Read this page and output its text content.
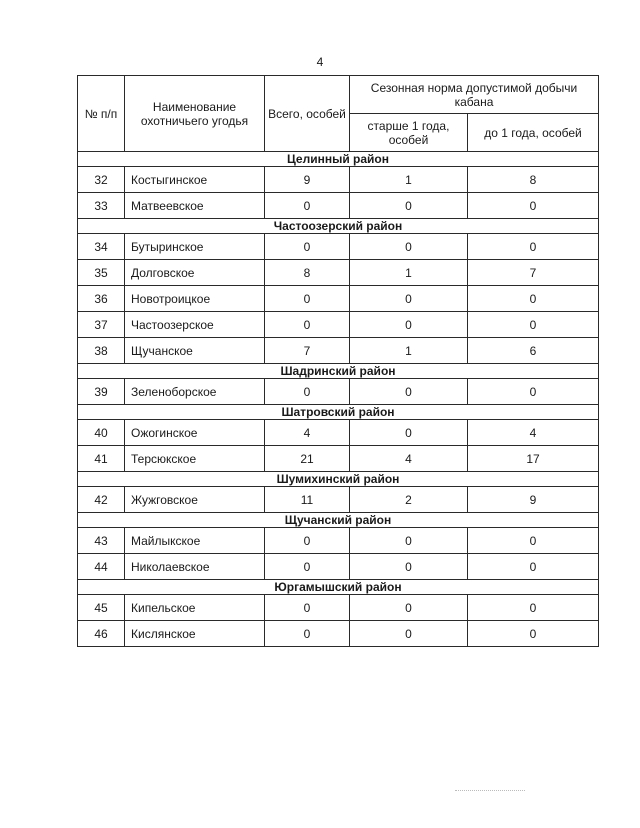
4
№ п/п	Наименование охотничьего угодья	Всего, особей	Сезонная норма допустимой добычи кабана	
			старше 1 года, особей	до 1 года, особей
Целинный район				
32	Костыгинское	9	1	8
33	Матвеевское	0	0	0
Частоозерский район				
34	Бутыринское	0	0	0
35	Долговское	8	1	7
36	Новотроицкое	0	0	0
37	Частоозерское	0	0	0
38	Щучанское	7	1	6
Шадринский район				
39	Зеленоборское	0	0	0
Шатровский район				
40	Ожогинское	4	0	4
41	Терсюкское	21	4	17
Шумихинский район				
42	Жужговское	11	2	9
Щучанский район				
43	Майлыкское	0	0	0
44	Николаевское	0	0	0
Юргамышский район				
45	Кипельское	0	0	0
46	Кислянское	0	0	0
